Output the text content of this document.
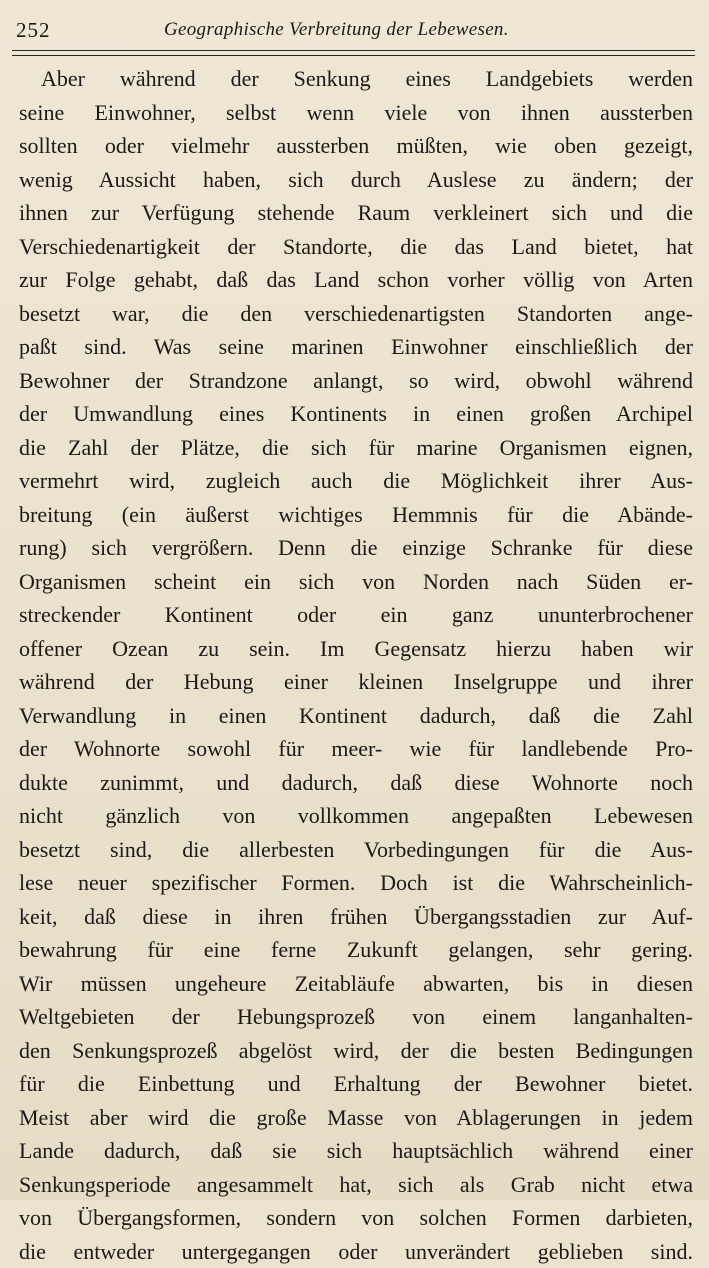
252	Geographische Verbreitung der Lebewesen.
Aber während der Senkung eines Landgebiets werden
seine Einwohner, selbst wenn viele von ihnen aussterben
sollten oder vielmehr aussterben müßten, wie oben gezeigt,
wenig Aussicht haben, sich durch Auslese zu ändern; der
ihnen zur Verfügung stehende Raum verkleinert sich und die
Verschiedenartigkeit der Standorte, die das Land bietet, hat
zur Folge gehabt, daß das Land schon vorher völlig von Arten
besetzt war, die den verschiedenartigsten Standorten ange-
paßt sind. Was seine marinen Einwohner einschließlich der
Bewohner der Strandzone anlangt, so wird, obwohl während
der Umwandlung eines Kontinents in einen großen Archipel
die Zahl der Plätze, die sich für marine Organismen eignen,
vermehrt wird, zugleich auch die Möglichkeit ihrer Aus-
breitung (ein äußerst wichtiges Hemmnis für die Abände-
rung) sich vergrößern. Denn die einzige Schranke für diese
Organismen scheint ein sich von Norden nach Süden er-
streckender Kontinent oder ein ganz ununterbrochener
offener Ozean zu sein. Im Gegensatz hierzu haben wir
während der Hebung einer kleinen Inselgruppe und ihrer
Verwandlung in einen Kontinent dadurch, daß die Zahl
der Wohnorte sowohl für meer- wie für landlebende Pro-
dukte zunimmt, und dadurch, daß diese Wohnorte noch
nicht gänzlich von vollkommen angepaßten Lebewesen
besetzt sind, die allerbesten Vorbedingungen für die Aus-
lese neuer spezifischer Formen. Doch ist die Wahrscheinlich-
keit, daß diese in ihren frühen Übergangsstadien zur Auf-
bewahrung für eine ferne Zukunft gelangen, sehr gering.
Wir müssen ungeheure Zeitabläufe abwarten, bis in diesen
Weltgebieten der Hebungsprozeß von einem langanhalten-
den Senkungsprozeß abgelöst wird, der die besten Bedingungen
für die Einbettung und Erhaltung der Bewohner bietet.
Meist aber wird die große Masse von Ablagerungen in jedem
Lande dadurch, daß sie sich hauptsächlich während einer
Senkungsperiode angesammelt hat, sich als Grab nicht etwa
von Übergangsformen, sondern von solchen Formen darbieten,
die entweder untergegangen oder unverändert geblieben sind.
